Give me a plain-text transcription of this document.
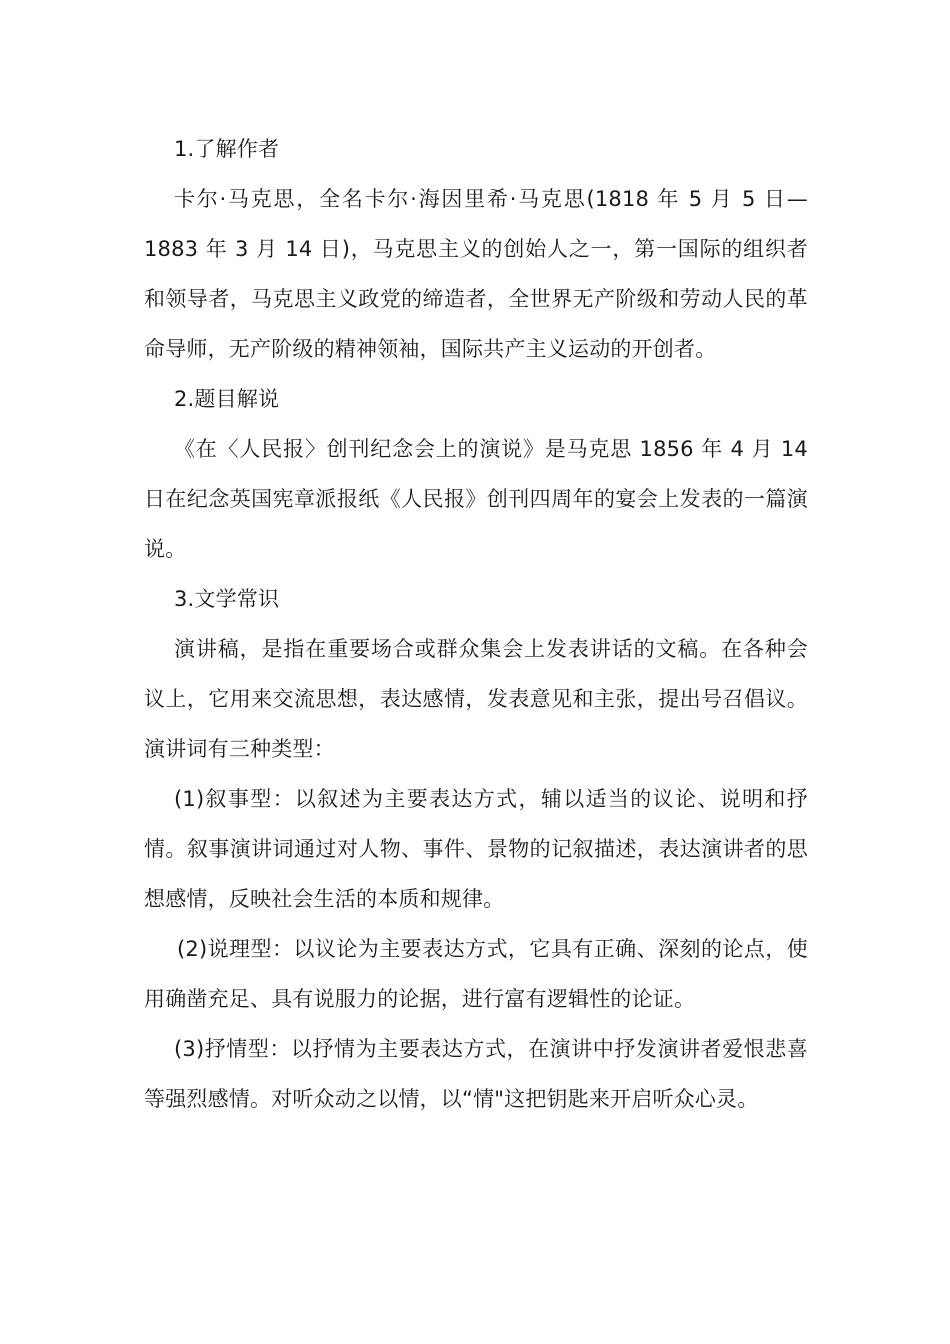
1.了解作者

卡尔·马克思，全名卡尔·海因里希·马克思(1818 年 5 月 5 日—1883 年 3 月 14 日)，马克思主义的创始人之一，第一国际的组织者和领导者，马克思主义政党的缔造者，全世界无产阶级和劳动人民的革命导师，无产阶级的精神领袖，国际共产主义运动的开创者。

2.题目解说

《在〈人民报〉创刊纪念会上的演说》是马克思 1856 年 4 月 14 日在纪念英国宪章派报纸《人民报》创刊四周年的宴会上发表的一篇演说。

3.文学常识

演讲稿，是指在重要场合或群众集会上发表讲话的文稿。在各种会议上，它用来交流思想，表达感情，发表意见和主张，提出号召倡议。演讲词有三种类型：

(1)叙事型：以叙述为主要表达方式，辅以适当的议论、说明和抒情。叙事演讲词通过对人物、事件、景物的记叙描述，表达演讲者的思想感情，反映社会生活的本质和规律。

(2)说理型：以议论为主要表达方式，它具有正确、深刻的论点，使用确凿充足、具有说服力的论据，进行富有逻辑性的论证。

(3)抒情型：以抒情为主要表达方式，在演讲中抒发演讲者爱恨悲喜等强烈感情。对听众动之以情，以“情"这把钥匙来开启听众心灵。
